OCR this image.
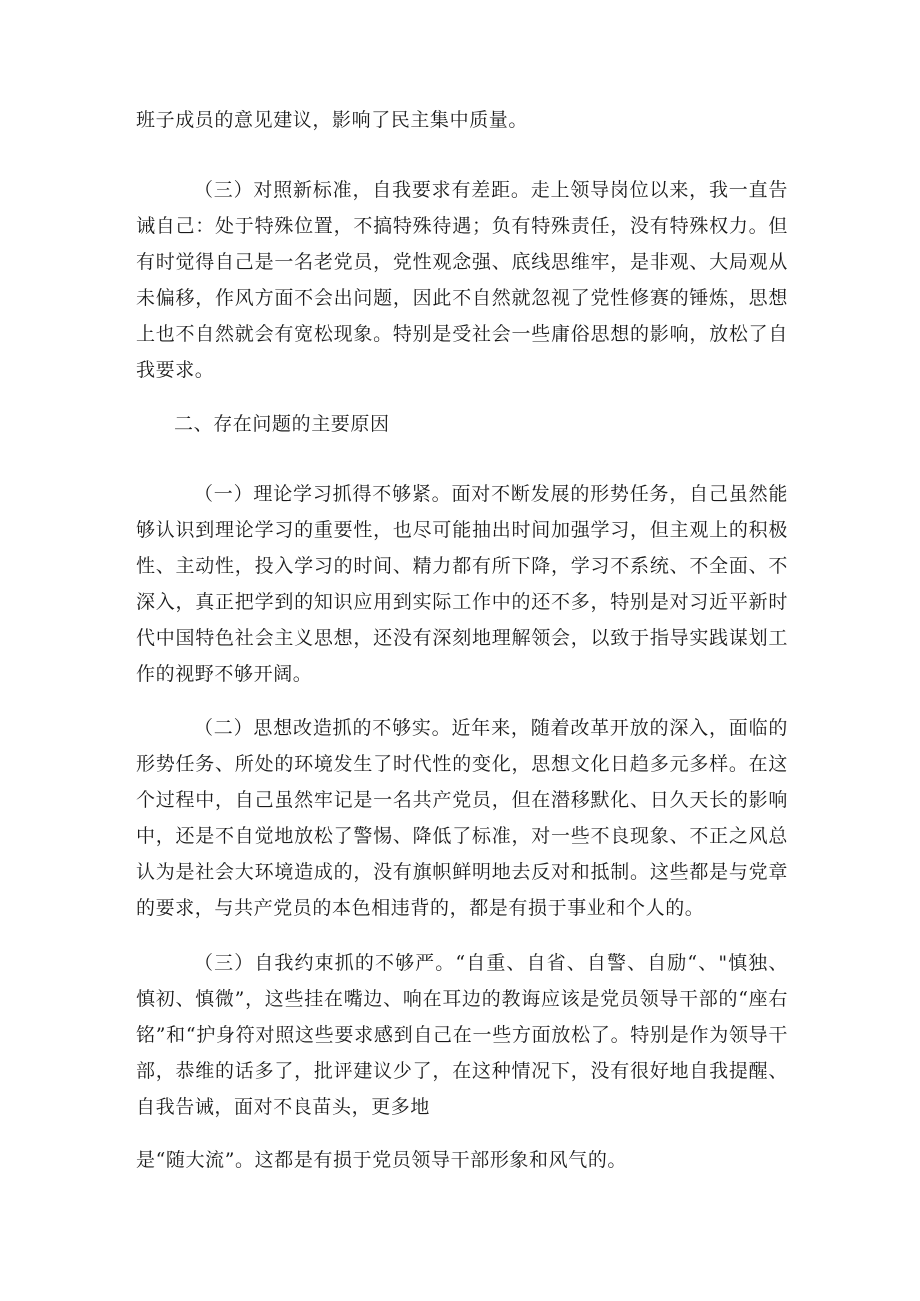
班子成员的意见建议，影响了民主集中质量。

（三）对照新标准，自我要求有差距。走上领导岗位以来，我一直告诫自己：处于特殊位置，不搞特殊待遇；负有特殊责任，没有特殊权力。但有时觉得自己是一名老党员，党性观念强、底线思维牢，是非观、大局观从未偏移，作风方面不会出问题，因此不自然就忽视了党性修赛的锤炼，思想上也不自然就会有宽松现象。特别是受社会一些庸俗思想的影响，放松了自我要求。

二、存在问题的主要原因

（一）理论学习抓得不够紧。面对不断发展的形势任务，自己虽然能够认识到理论学习的重要性，也尽可能抽出时间加强学习，但主观上的积极性、主动性，投入学习的时间、精力都有所下降，学习不系统、不全面、不深入，真正把学到的知识应用到实际工作中的还不多，特别是对习近平新时代中国特色社会主义思想，还没有深刻地理解领会，以致于指导实践谋划工作的视野不够开阔。

（二）思想改造抓的不够实。近年来，随着改革开放的深入，面临的形势任务、所处的环境发生了时代性的变化，思想文化日趋多元多样。在这个过程中，自己虽然牢记是一名共产党员，但在潜移默化、日久天长的影响中，还是不自觉地放松了警惕、降低了标准，对一些不良现象、不正之风总认为是社会大环境造成的，没有旗帜鲜明地去反对和抵制。这些都是与党章的要求，与共产党员的本色相违背的，都是有损于事业和个人的。

（三）自我约束抓的不够严。“自重、自省、自警、自励“、"慎独、慎初、慎微”，这些挂在嘴边、响在耳边的教诲应该是党员领导干部的“座右铭”和“护身符对照这些要求感到自己在一些方面放松了。特别是作为领导干部，恭维的话多了，批评建议少了，在这种情况下，没有很好地自我提醒、自我告诫，面对不良苗头，更多地

是“随大流”。这都是有损于党员领导干部形象和风气的。
